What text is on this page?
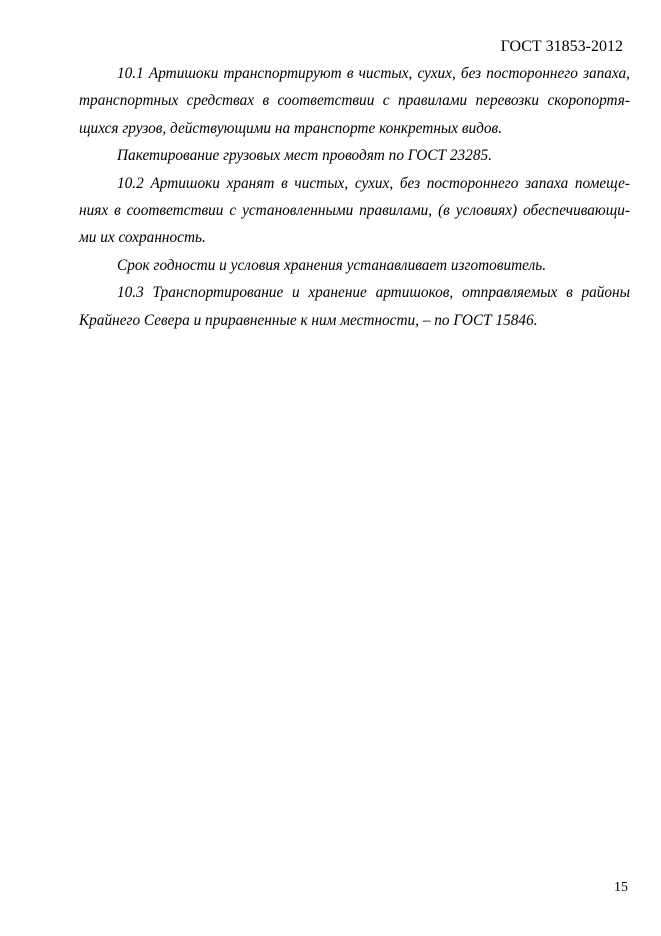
ГОСТ 31853-2012
10.1 Артишоки транспортируют в чистых, сухих, без постороннего запаха,
транспортных средствах в соответствии с правилами перевозки скоропортя-
щихся грузов, действующими на транспорте конкретных видов.
Пакетирование грузовых мест проводят по ГОСТ 23285.
10.2 Артишоки хранят в чистых, сухих, без постороннего запаха помеще-
ниях в соответствии с установленными правилами, (в условиях) обеспечивающи-
ми их сохранность.
Срок годности и условия хранения устанавливает изготовитель.
10.3 Транспортирование и хранение артишоков, отправляемых в районы
Крайнего Севера и приравненные к ним местности, – по ГОСТ 15846.
15
